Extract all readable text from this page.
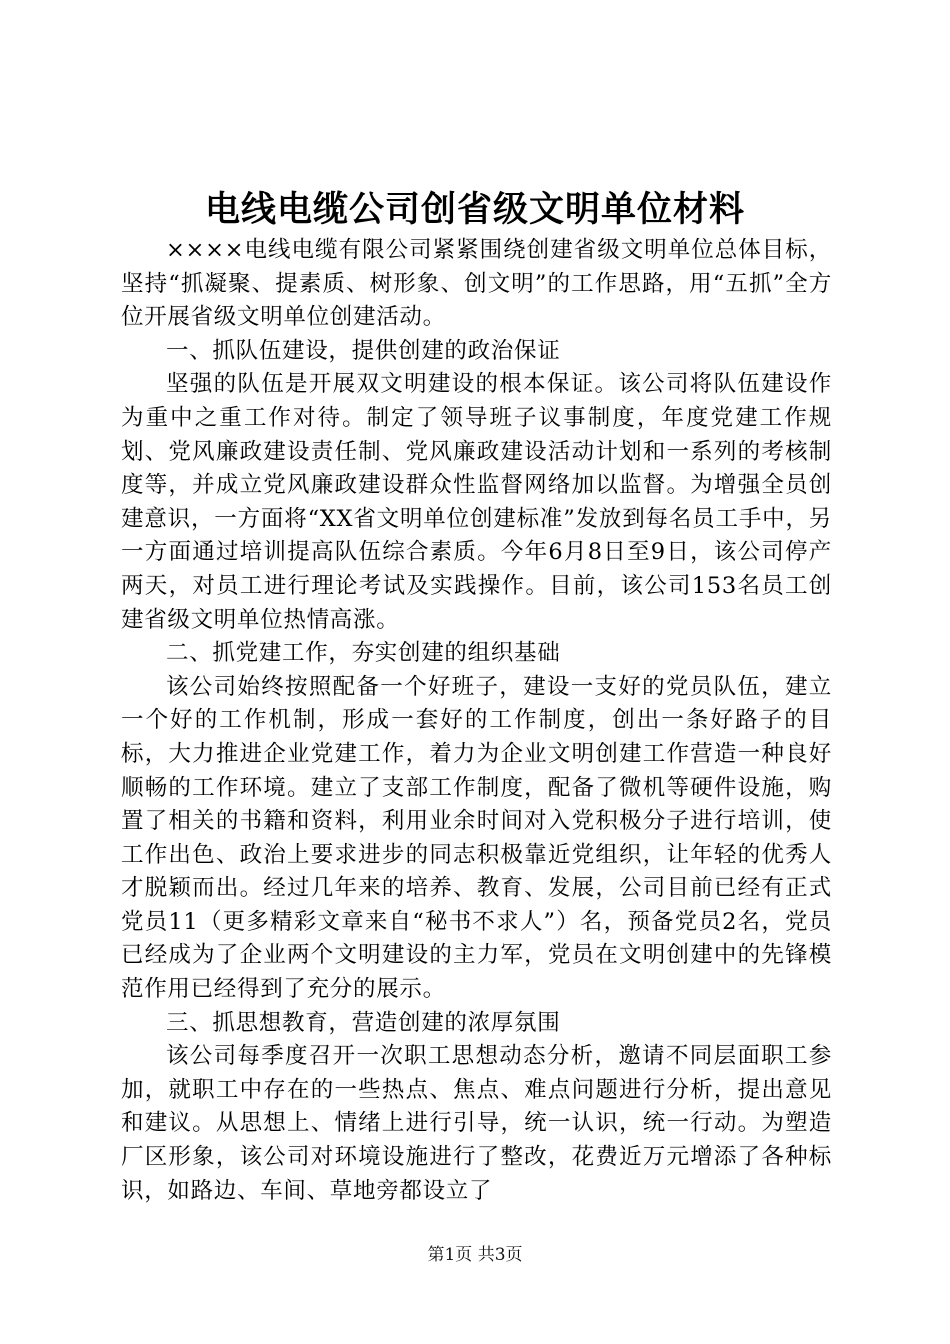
电线电缆公司创省级文明单位材料

××××电线电缆有限公司紧紧围绕创建省级文明单位总体目标，坚持“抓凝聚、提素质、树形象、创文明”的工作思路，用“五抓”全方位开展省级文明单位创建活动。

一、抓队伍建设，提供创建的政治保证

坚强的队伍是开展双文明建设的根本保证。该公司将队伍建设作为重中之重工作对待。制定了领导班子议事制度，年度党建工作规划、党风廉政建设责任制、党风廉政建设活动计划和一系列的考核制度等，并成立党风廉政建设群众性监督网络加以监督。为增强全员创建意识，一方面将“XX省文明单位创建标准”发放到每名员工手中，另一方面通过培训提高队伍综合素质。今年6月8日至9日，该公司停产两天，对员工进行理论考试及实践操作。目前，该公司153名员工创建省级文明单位热情高涨。

二、抓党建工作，夯实创建的组织基础

该公司始终按照配备一个好班子，建设一支好的党员队伍，建立一个好的工作机制，形成一套好的工作制度，创出一条好路子的目标，大力推进企业党建工作，着力为企业文明创建工作营造一种良好顺畅的工作环境。建立了支部工作制度，配备了微机等硬件设施，购置了相关的书籍和资料，利用业余时间对入党积极分子进行培训，使工作出色、政治上要求进步的同志积极靠近党组织，让年轻的优秀人才脱颖而出。经过几年来的培养、教育、发展，公司目前已经有正式党员11（更多精彩文章来自“秘书不求人”）名，预备党员2名，党员已经成为了企业两个文明建设的主力军，党员在文明创建中的先锋模范作用已经得到了充分的展示。

三、抓思想教育，营造创建的浓厚氛围

该公司每季度召开一次职工思想动态分析，邀请不同层面职工参加，就职工中存在的一些热点、焦点、难点问题进行分析，提出意见和建议。从思想上、情绪上进行引导，统一认识，统一行动。为塑造厂区形象，该公司对环境设施进行了整改，花费近万元增添了各种标识，如路边、车间、草地旁都设立了

第1页 共3页
